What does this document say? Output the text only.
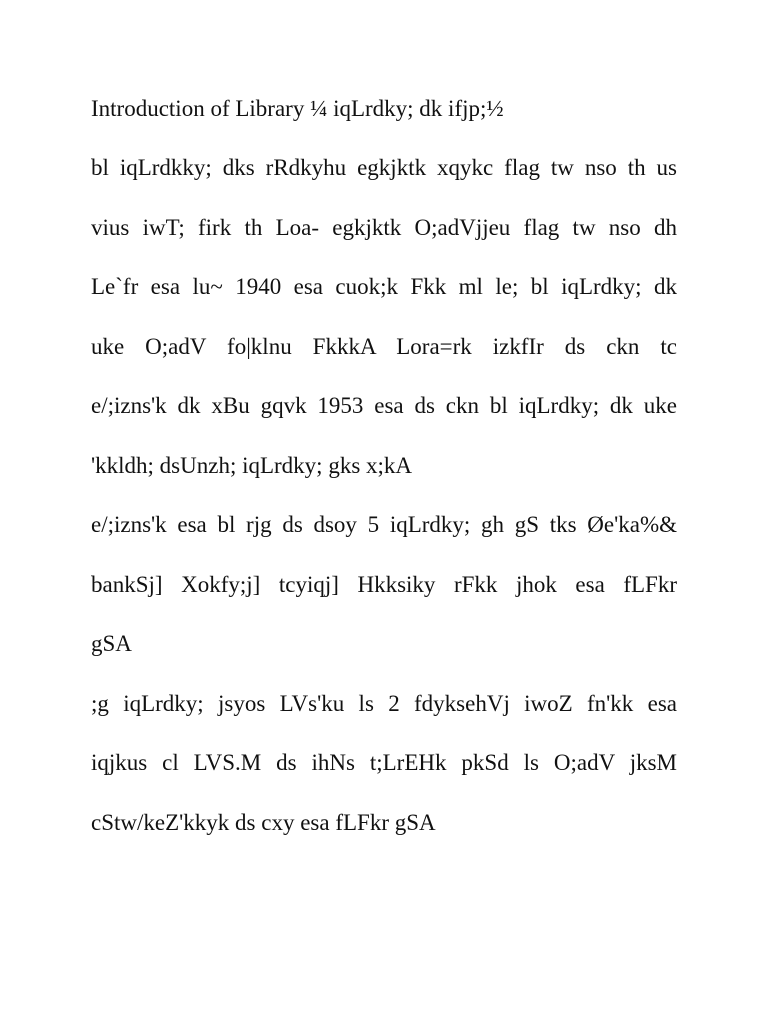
Introduction of Library ¼ iqLrdky; dk ifjp;½
bl iqLrdkky; dks rRdkyhu egkjktk xqykc flag tw nso th us
vius iwT; firk th Loa- egkjktk O;adVjjeu flag tw nso dh
Le`fr esa lu~ 1940 esa cuok;k Fkk ml le; bl iqLrdky; dk
uke O;adV fo|klnu FkkkA Lora=rk izkfIr ds ckn tc
e/;izns'k dk xBu gqvk 1953 esa ds ckn bl iqLrdky; dk uke
'kkldh; dsUnzh; iqLrdky; gks x;kA
e/;izns'k esa bl rjg ds dsoy 5 iqLrdky; gh gS tks Øe'ka%&
bankSj] Xokfy;j] tcyiqj] Hkksiky rFkk jhok esa fLFkr
gSA
;g iqLrdky; jsyos LVs'ku ls 2 fdyksehVj iwoZ fn'kk esa
iqjkus cl LVS.M ds ihNs t;LrEHk pkSd ls O;adV jksM
cStw/keZ'kkyk ds cxy esa fLFkr gSA
